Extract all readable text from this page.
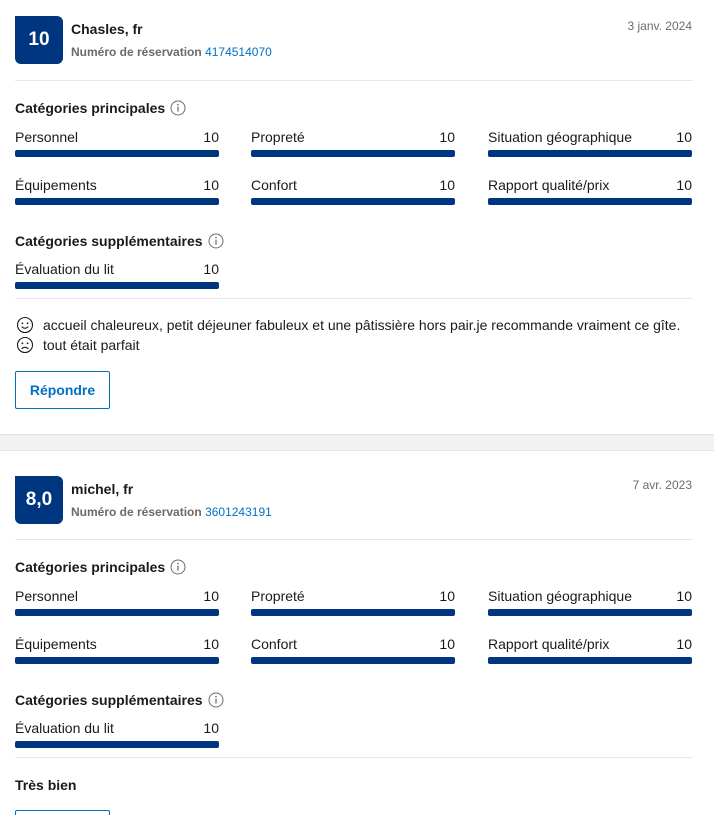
10	Chasles, fr
Numéro de réservation 4174514070
3 janv. 2024
Catégories principales
Personnel	10 Propreté	10 Situation géographique	10
Équipements	10 Confort	10 Rapport qualité/prix	10
Catégories supplémentaires
Évaluation du lit	10
accueil chaleureux, petit déjeuner fabuleux et une pâtissière hors pair.je recommande vraiment ce gîte.
tout était parfait
Répondre
8,0	michel, fr
Numéro de réservation 3601243191
7 avr. 2023
Catégories principales
Personnel	10 Propreté	10 Situation géographique	10
Équipements	10 Confort	10 Rapport qualité/prix	10
Catégories supplémentaires
Évaluation du lit	10
Très bien
